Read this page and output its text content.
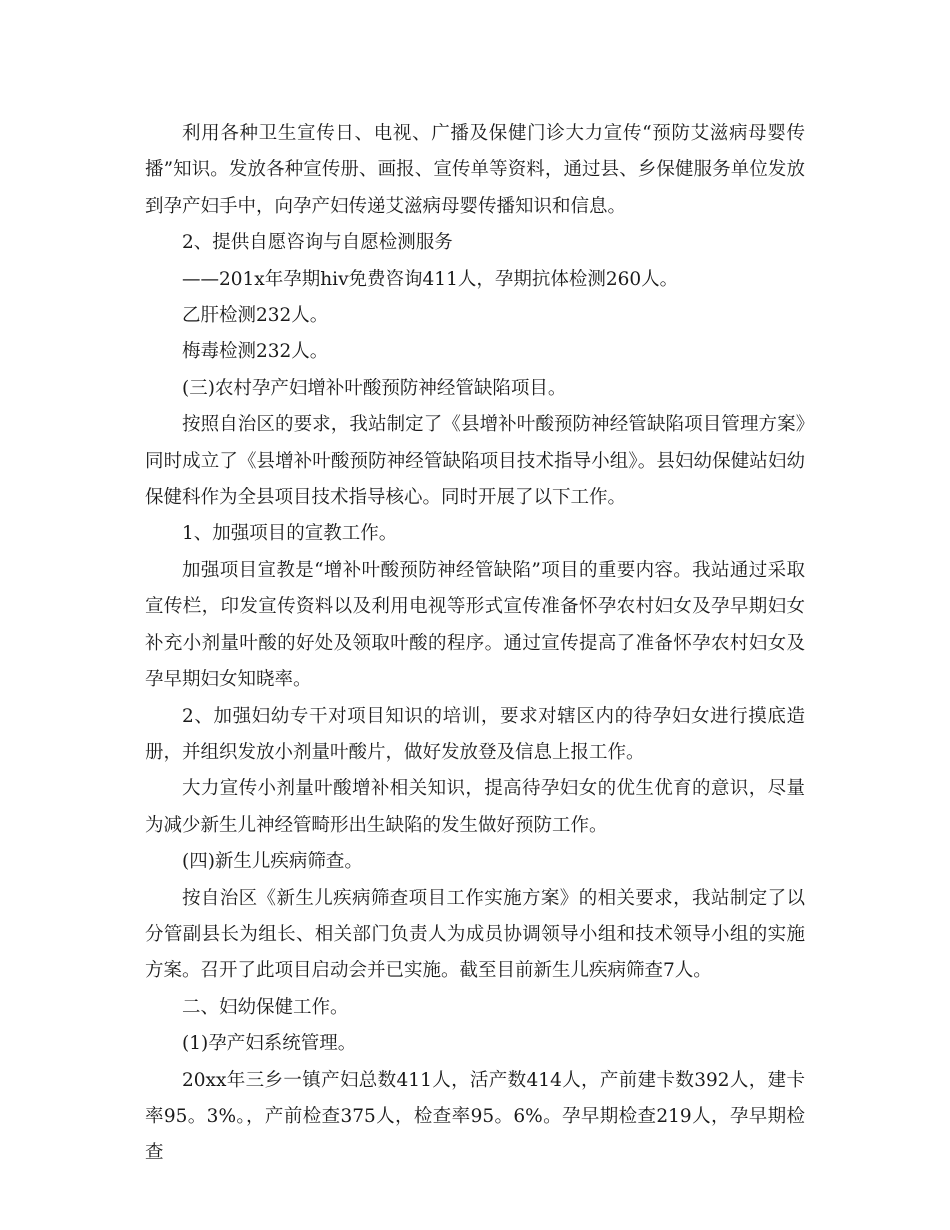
利用各种卫生宣传日、电视、广播及保健门诊大力宣传“预防艾滋病母婴传播”知识。发放各种宣传册、画报、宣传单等资料，通过县、乡保健服务单位发放到孕产妇手中，向孕产妇传递艾滋病母婴传播知识和信息。

2、提供自愿咨询与自愿检测服务

——201x年孕期hiv免费咨询411人，孕期抗体检测260人。

乙肝检测232人。

梅毒检测232人。

(三)农村孕产妇增补叶酸预防神经管缺陷项目。

按照自治区的要求，我站制定了《县增补叶酸预防神经管缺陷项目管理方案》同时成立了《县增补叶酸预防神经管缺陷项目技术指导小组》。县妇幼保健站妇幼保健科作为全县项目技术指导核心。同时开展了以下工作。

1、加强项目的宣教工作。

加强项目宣教是“增补叶酸预防神经管缺陷”项目的重要内容。我站通过采取宣传栏，印发宣传资料以及利用电视等形式宣传准备怀孕农村妇女及孕早期妇女补充小剂量叶酸的好处及领取叶酸的程序。通过宣传提高了准备怀孕农村妇女及孕早期妇女知晓率。

2、加强妇幼专干对项目知识的培训，要求对辖区内的待孕妇女进行摸底造册，并组织发放小剂量叶酸片，做好发放登及信息上报工作。

大力宣传小剂量叶酸增补相关知识，提高待孕妇女的优生优育的意识，尽量为减少新生儿神经管畸形出生缺陷的发生做好预防工作。

(四)新生儿疾病筛查。

按自治区《新生儿疾病筛查项目工作实施方案》的相关要求，我站制定了以分管副县长为组长、相关部门负责人为成员协调领导小组和技术领导小组的实施方案。召开了此项目启动会并已实施。截至目前新生儿疾病筛查7人。

二、妇幼保健工作。

(1)孕产妇系统管理。

20xx年三乡一镇产妇总数411人，活产数414人，产前建卡数392人，建卡率95。3%。，产前检查375人，检查率95。6%。孕早期检查219人，孕早期检查
